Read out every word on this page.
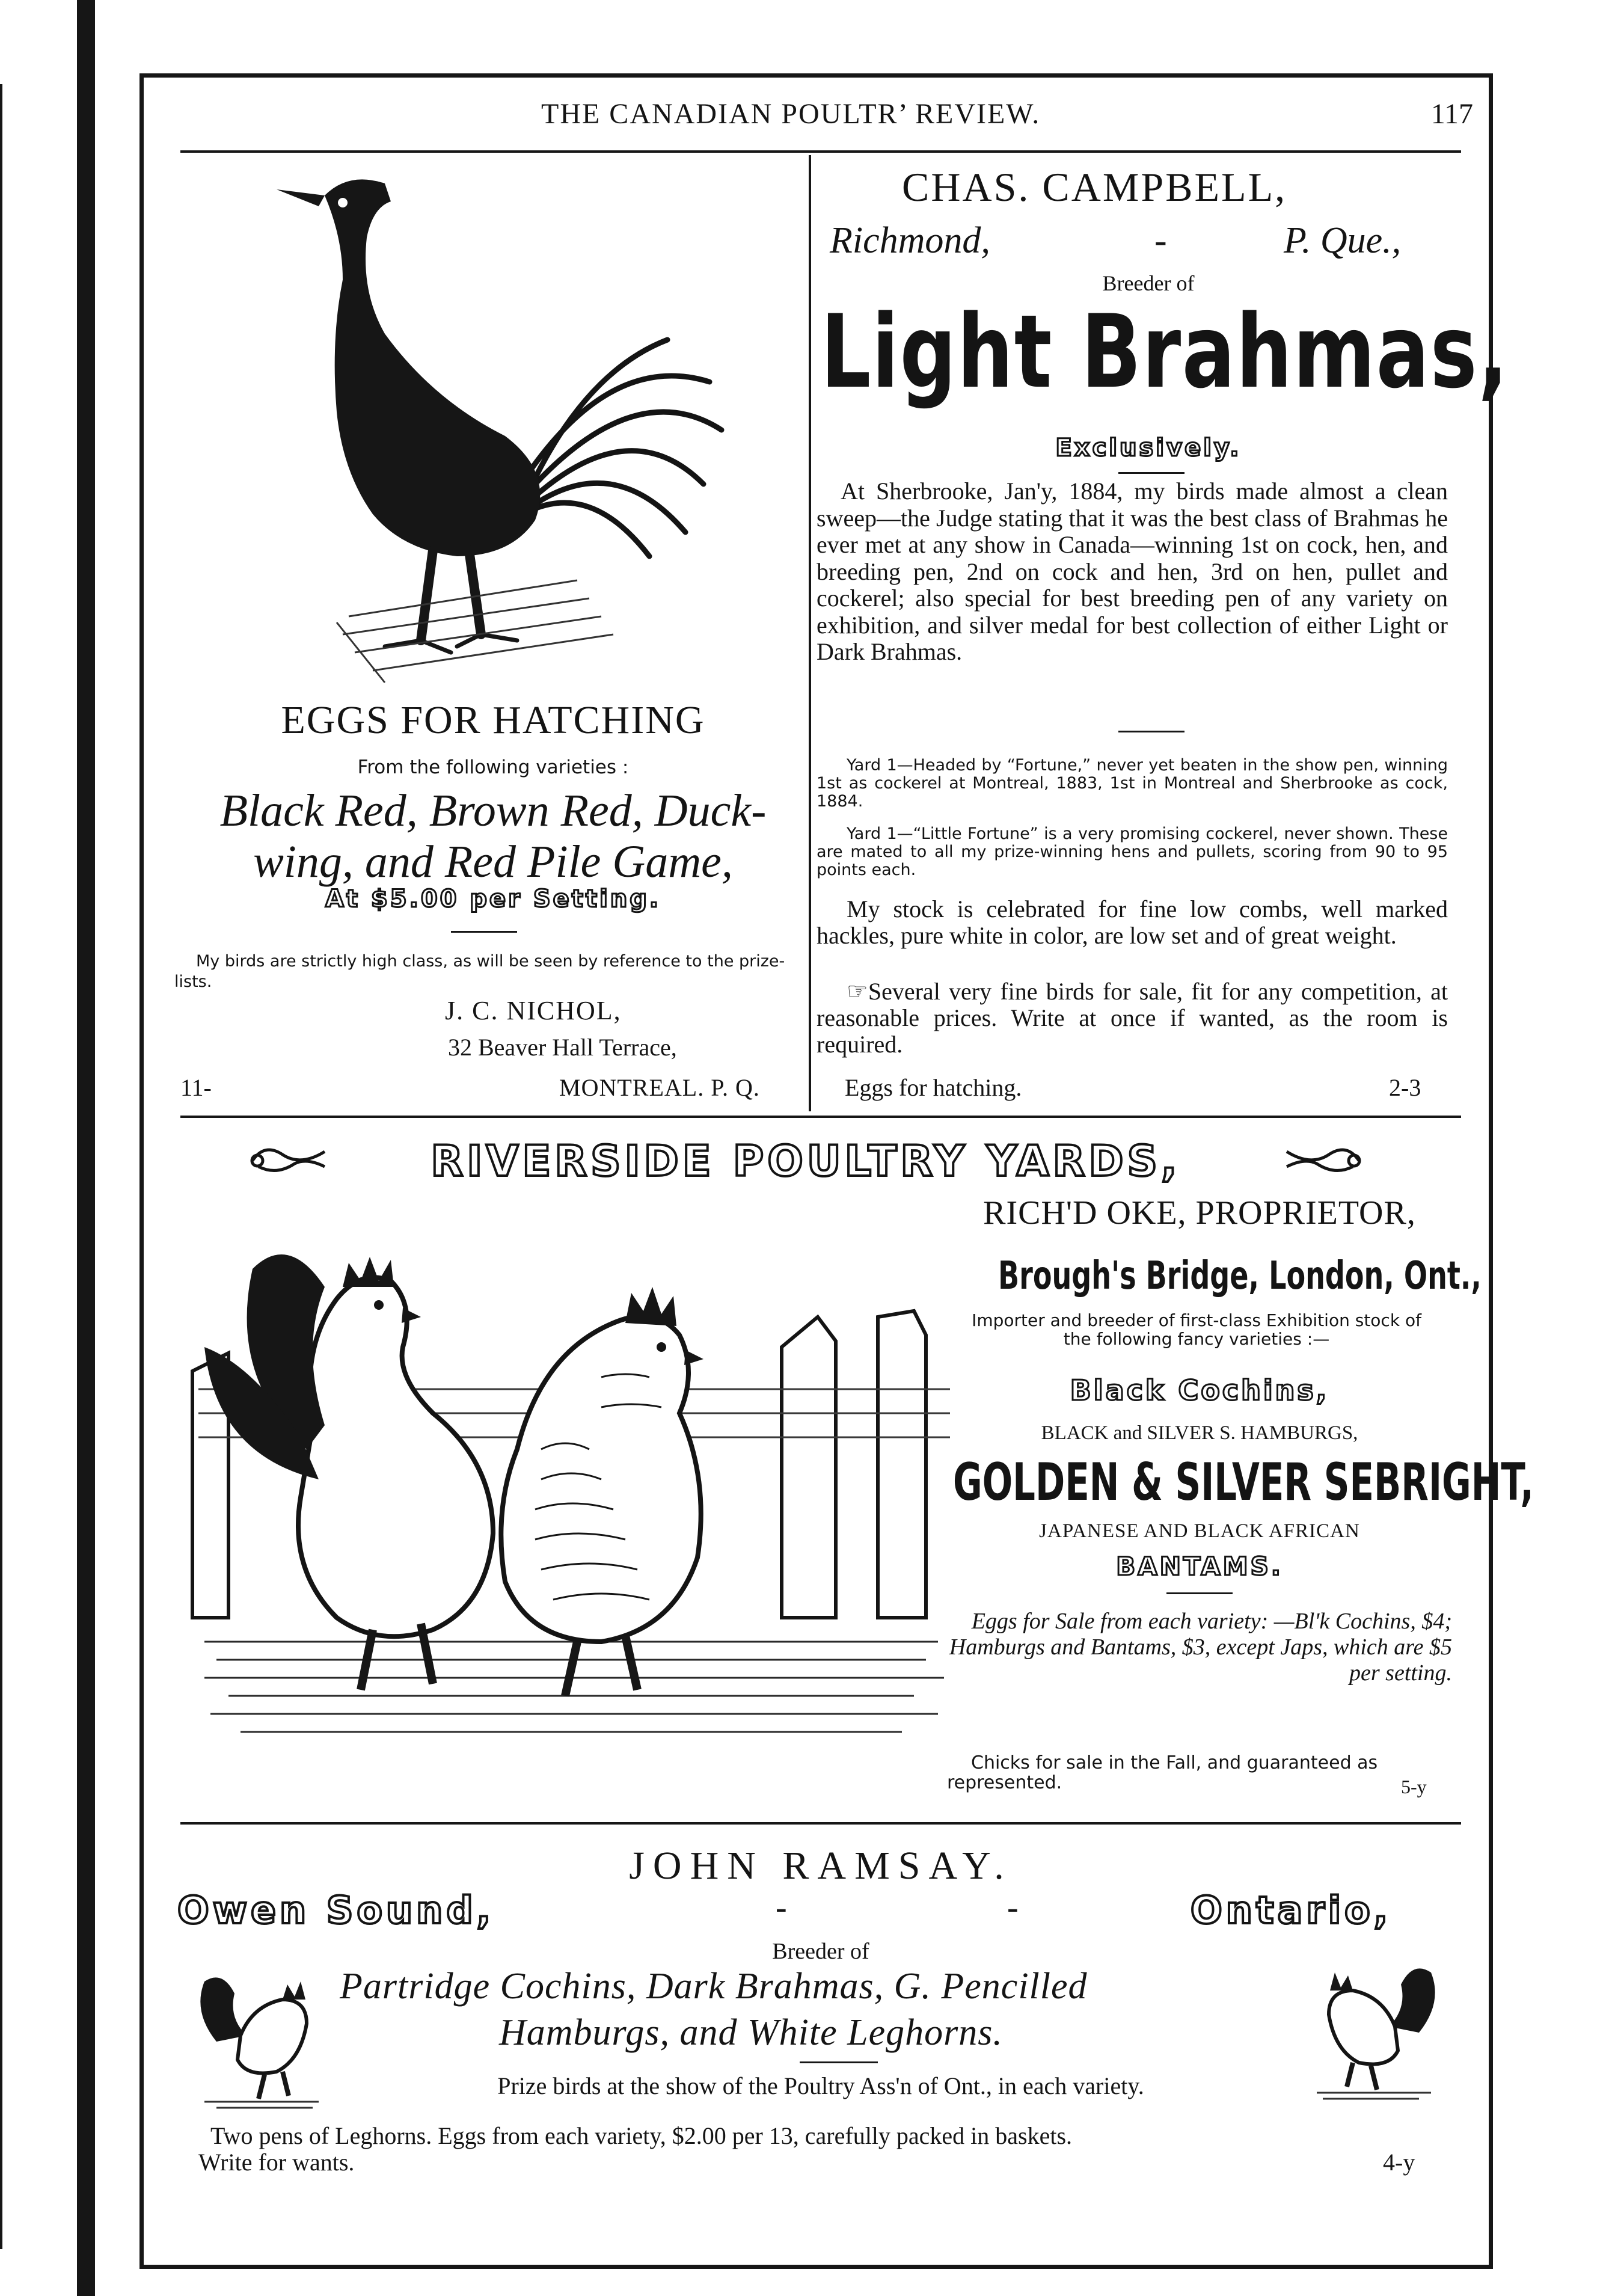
THE CANADIAN POULTR’ REVIEW.	117
EGGS FOR HATCHING
From the following varieties :
Black Red, Brown Red, Duck-
wing, and Red Pile Game,
At $5.00 per Setting.
My birds are strictly high class, as will be seen by reference to the prize-lists.
J. C. NICHOL,
32 Beaver Hall Terrace,
11-	MONTREAL. P. Q.
CHAS. CAMPBELL,
Richmond,	-	P. Que.,
Breeder of
Light Brahmas,
Exclusively.
At Sherbrooke, Jan'y, 1884, my birds made almost a clean sweep—the Judge stating that it was the best class of Brahmas he ever met at any show in Canada—winning 1st on cock, hen, and breeding pen, 2nd on cock and hen, 3rd on hen, pullet and cockerel; also special for best breeding pen of any variety on exhibition, and silver medal for best collection of either Light or Dark Brahmas.
Yard 1—Headed by “Fortune,” never yet beaten in the show pen, winning 1st as cockerel at Montreal, 1883, 1st in Montreal and Sherbrooke as cock, 1884.
Yard 1—“Little Fortune” is a very promising cockerel, never shown. These are mated to all my prize-winning hens and pullets, scoring from 90 to 95 points each.
My stock is celebrated for fine low combs, well marked hackles, pure white in color, are low set and of great weight.
☞Several very fine birds for sale, fit for any competition, at reasonable prices. Write at once if wanted, as the room is required.
Eggs for hatching.	2-3
RIVERSIDE POULTRY YARDS,
RICH'D OKE, PROPRIETOR,
Brough's Bridge, London, Ont.,
Importer and breeder of first-class Exhibition stock of the following fancy varieties :—
Black Cochins,
BLACK and SILVER S. HAMBURGS,
GOLDEN & SILVER SEBRIGHT,
JAPANESE AND BLACK AFRICAN
BANTAMS.
Eggs for Sale from each variety: —Bl'k Cochins, $4; Hamburgs and Bantams, $3, except Japs, which are $5 per setting.
Chicks for sale in the Fall, and guaranteed as represented.	5-y
JOHN RAMSAY.
Owen Sound,	-	-	Ontario,
Breeder of
Partridge Cochins, Dark Brahmas, G. Pencilled
Hamburgs, and White Leghorns.
Prize birds at the show of the Poultry Ass'n of Ont., in each variety.
Two pens of Leghorns. Eggs from each variety, $2.00 per 13, carefully packed in baskets.
Write for wants.	4-y
